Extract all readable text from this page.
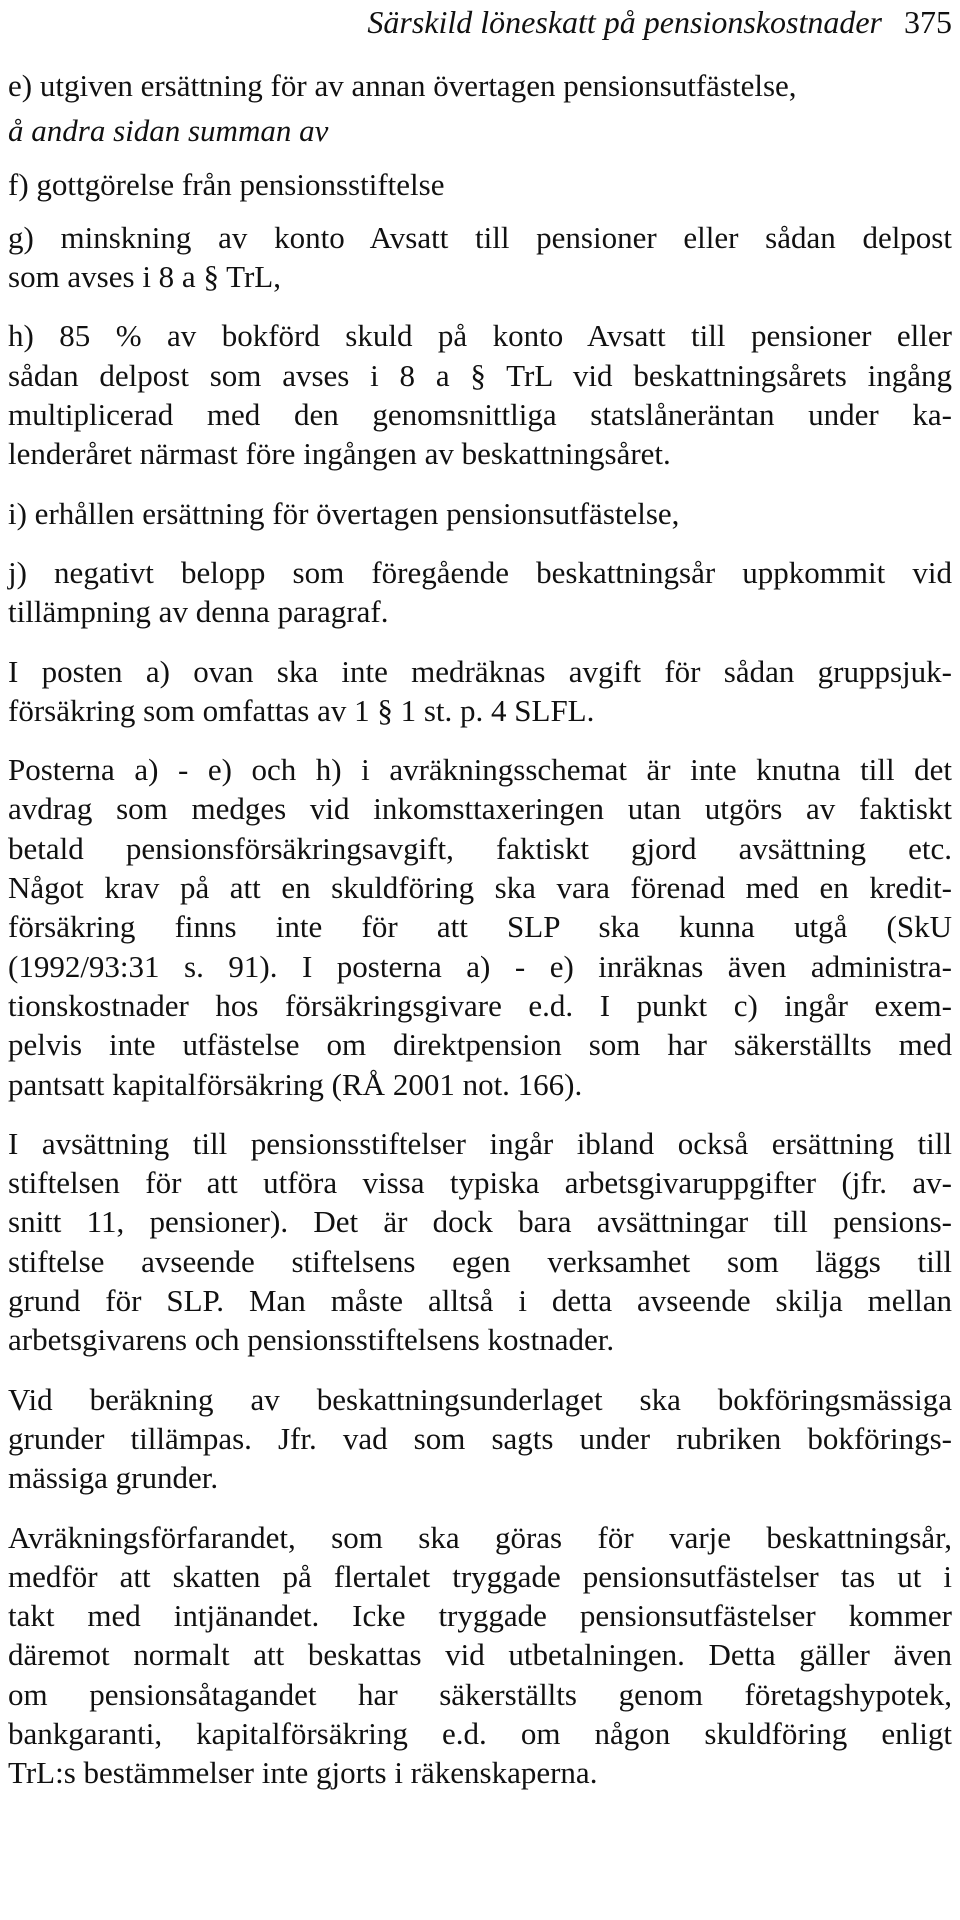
Särskild löneskatt på pensionskostnader 375

e) utgiven ersättning för av annan övertagen pensionsutfästelse,

å andra sidan summan av

f) gottgörelse från pensionsstiftelse

g) minskning av konto Avsatt till pensioner eller sådan delpost
som avses i 8 a § TrL,

h) 85 % av bokförd skuld på konto Avsatt till pensioner eller
sådan delpost som avses i 8 a § TrL vid beskattningsårets ingång
multiplicerad med den genomsnittliga statslåneräntan under ka-
lenderåret närmast före ingången av beskattningsåret.

i) erhållen ersättning för övertagen pensionsutfästelse,

j) negativt belopp som föregående beskattningsår uppkommit vid
tillämpning av denna paragraf.

I posten a) ovan ska inte medräknas avgift för sådan gruppsjuk-
försäkring som omfattas av 1 § 1 st. p. 4 SLFL.

Posterna a) - e) och h) i avräkningsschemat är inte knutna till det
avdrag som medges vid inkomsttaxeringen utan utgörs av faktiskt
betald pensionsförsäkringsavgift, faktiskt gjord avsättning etc.
Något krav på att en skuldföring ska vara förenad med en kredit-
försäkring finns inte för att SLP ska kunna utgå (SkU
(1992/93:31 s. 91). I posterna a) - e) inräknas även administra-
tionskostnader hos försäkringsgivare e.d. I punkt c) ingår exem-
pelvis inte utfästelse om direktpension som har säkerställts med
pantsatt kapitalförsäkring (RÅ 2001 not. 166).

I avsättning till pensionsstiftelser ingår ibland också ersättning till
stiftelsen för att utföra vissa typiska arbetsgivaruppgifter (jfr. av-
snitt 11, pensioner). Det är dock bara avsättningar till pensions-
stiftelse avseende stiftelsens egen verksamhet som läggs till
grund för SLP. Man måste alltså i detta avseende skilja mellan
arbetsgivarens och pensionsstiftelsens kostnader.

Vid beräkning av beskattningsunderlaget ska bokföringsmässiga
grunder tillämpas. Jfr. vad som sagts under rubriken bokförings-
mässiga grunder.

Avräkningsförfarandet, som ska göras för varje beskattningsår,
medför att skatten på flertalet tryggade pensionsutfästelser tas ut i
takt med intjänandet. Icke tryggade pensionsutfästelser kommer
däremot normalt att beskattas vid utbetalningen. Detta gäller även
om pensionsåtagandet har säkerställts genom företagshypotek,
bankgaranti, kapitalförsäkring e.d. om någon skuldföring enligt
TrL:s bestämmelser inte gjorts i räkenskaperna.
